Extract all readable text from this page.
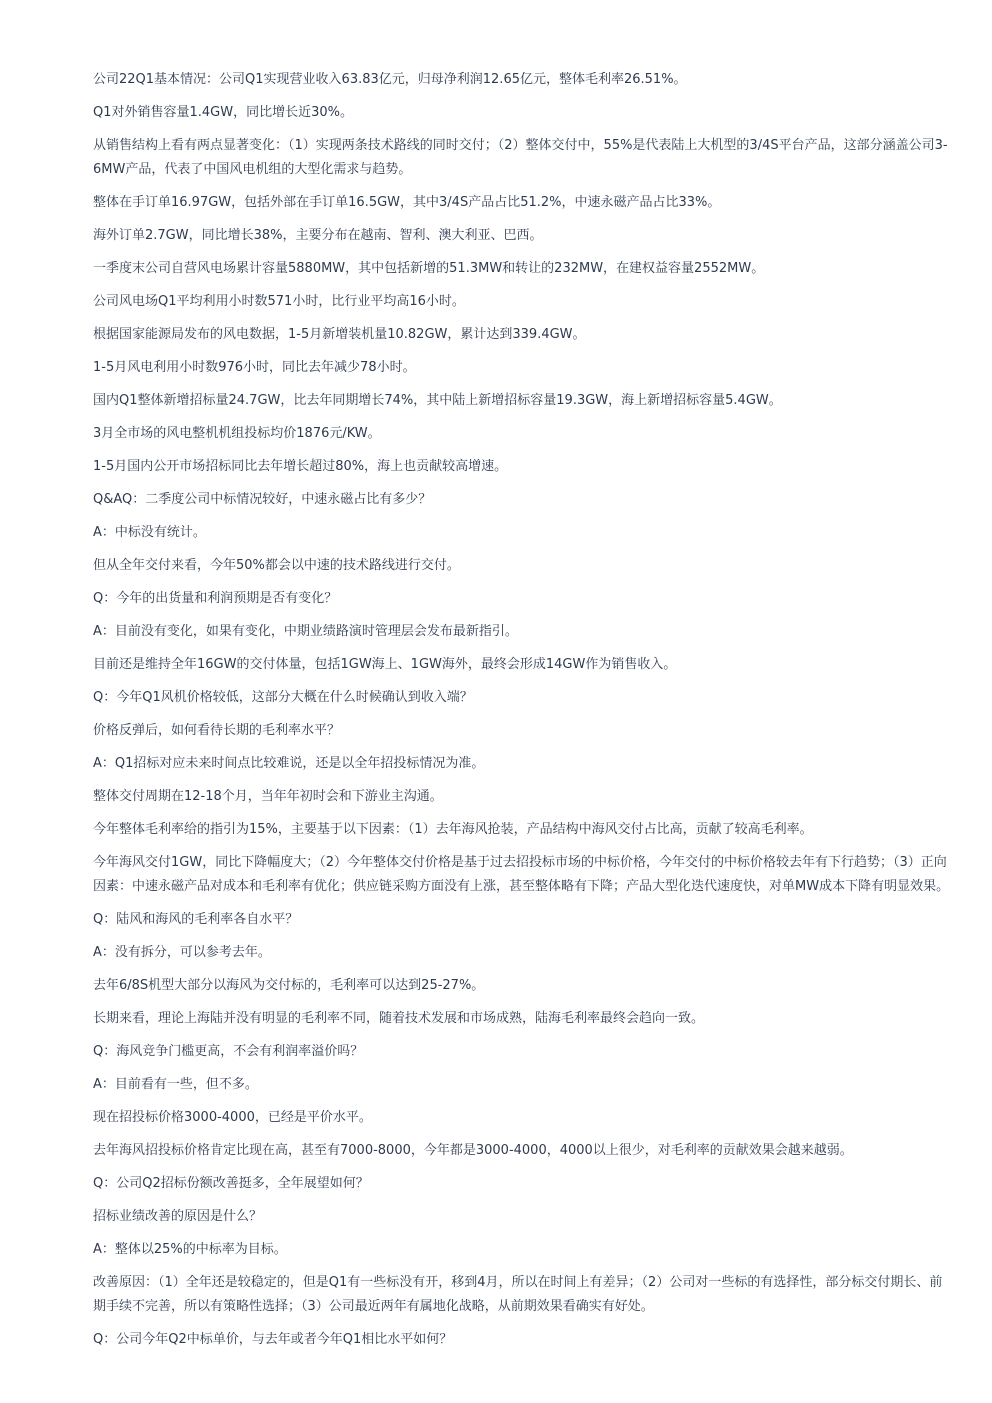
公司22Q1基本情况：公司Q1实现营业收入63.83亿元，归母净利润12.65亿元，整体毛利率26.51%。

Q1对外销售容量1.4GW，同比增长近30%。

从销售结构上看有两点显著变化：（1）实现两条技术路线的同时交付；（2）整体交付中，55%是代表陆上大机型的3/4S平台产品，这部分涵盖公司3-6MW产品，代表了中国风电机组的大型化需求与趋势。

整体在手订单16.97GW，包括外部在手订单16.5GW，其中3/4S产品占比51.2%，中速永磁产品占比33%。

海外订单2.7GW，同比增长38%，主要分布在越南、智利、澳大利亚、巴西。

一季度末公司自营风电场累计容量5880MW，其中包括新增的51.3MW和转让的232MW，在建权益容量2552MW。

公司风电场Q1平均利用小时数571小时，比行业平均高16小时。

根据国家能源局发布的风电数据，1-5月新增装机量10.82GW，累计达到339.4GW。

1-5月风电利用小时数976小时，同比去年减少78小时。

国内Q1整体新增招标量24.7GW，比去年同期增长74%，其中陆上新增招标容量19.3GW，海上新增招标容量5.4GW。

3月全市场的风电整机机组投标均价1876元/KW。

1-5月国内公开市场招标同比去年增长超过80%，海上也贡献较高增速。

Q&AQ：二季度公司中标情况较好，中速永磁占比有多少？

A：中标没有统计。

但从全年交付来看，今年50%都会以中速的技术路线进行交付。

Q：今年的出货量和利润预期是否有变化？

A：目前没有变化，如果有变化，中期业绩路演时管理层会发布最新指引。

目前还是维持全年16GW的交付体量，包括1GW海上、1GW海外，最终会形成14GW作为销售收入。

Q：今年Q1风机价格较低，这部分大概在什么时候确认到收入端？

价格反弹后，如何看待长期的毛利率水平？

A：Q1招标对应未来时间点比较难说，还是以全年招投标情况为准。

整体交付周期在12-18个月，当年年初时会和下游业主沟通。

今年整体毛利率给的指引为15%，主要基于以下因素：（1）去年海风抢装，产品结构中海风交付占比高，贡献了较高毛利率。

今年海风交付1GW，同比下降幅度大；（2）今年整体交付价格是基于过去招投标市场的中标价格，今年交付的中标价格较去年有下行趋势；（3）正向因素：中速永磁产品对成本和毛利率有优化；供应链采购方面没有上涨，甚至整体略有下降；产品大型化迭代速度快，对单MW成本下降有明显效果。

Q：陆风和海风的毛利率各自水平？

A：没有拆分，可以参考去年。

去年6/8S机型大部分以海风为交付标的，毛利率可以达到25-27%。

长期来看，理论上海陆并没有明显的毛利率不同，随着技术发展和市场成熟，陆海毛利率最终会趋向一致。

Q：海风竞争门槛更高，不会有利润率溢价吗？

A：目前看有一些，但不多。

现在招投标价格3000-4000，已经是平价水平。

去年海风招投标价格肯定比现在高，甚至有7000-8000，今年都是3000-4000，4000以上很少，对毛利率的贡献效果会越来越弱。

Q：公司Q2招标份额改善挺多，全年展望如何？

招标业绩改善的原因是什么？

A：整体以25%的中标率为目标。

改善原因：（1）全年还是较稳定的，但是Q1有一些标没有开，移到4月，所以在时间上有差异；（2）公司对一些标的有选择性，部分标交付期长、前期手续不完善，所以有策略性选择；（3）公司最近两年有属地化战略，从前期效果看确实有好处。

Q：公司今年Q2中标单价，与去年或者今年Q1相比水平如何？
